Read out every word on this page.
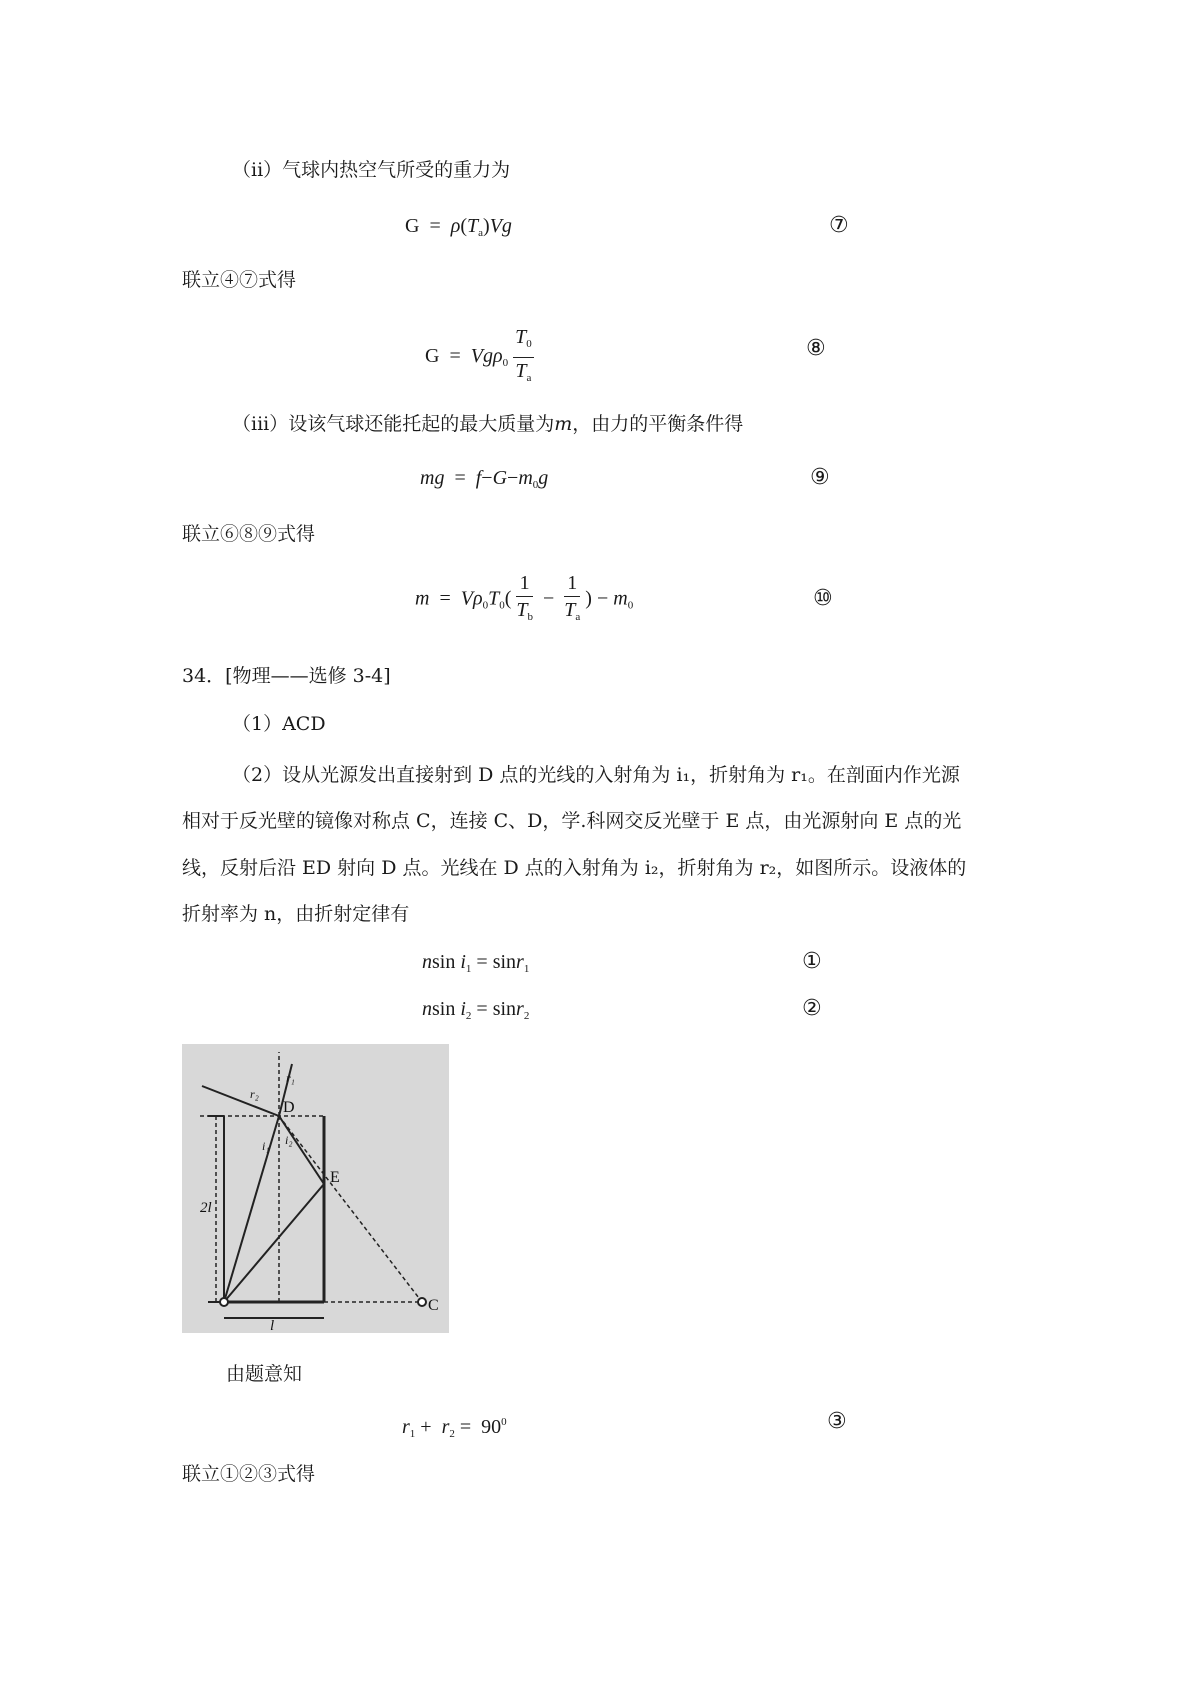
（ii）气球内热空气所受的重力为
$G = \rho(T_a)Vg$	⑦
联立④⑦式得
$G = Vg\rho_0 \frac{T_0}{T_a}$	⑧
（iii）设该气球还能托起的最大质量为m，由力的平衡条件得
mg = $f-G-m_0g$	⑨
联立⑥⑧⑨式得
$m = V\rho_0T_0( \frac{1}{T_b} - \frac{1}{T_a}$ ) − $m_0$	⑩
34．[物理——选修 3-4]
（1）ACD
（2）设从光源发出直接射到 D 点的光线的入射角为 i₁，折射角为 r₁。在剖面内作光源
相对于反光壁的镜像对称点 C，连接 C、D，学.科网交反光壁于 E 点，由光源射向 E 点的光
线，反射后沿 ED 射向 D 点。光线在 D 点的入射角为 i₂，折射角为 r₂，如图所示。设液体的
折射率为 n，由折射定律有
nsin $i_1 = \sin r_1$	①
nsin $i_2 = \sin r_2$	②
D
E
C
r₁
r₂
i₁ i₂
2l
l
由题意知
$r_1 + r_2 = 90^0$	③
联立①②③式得
